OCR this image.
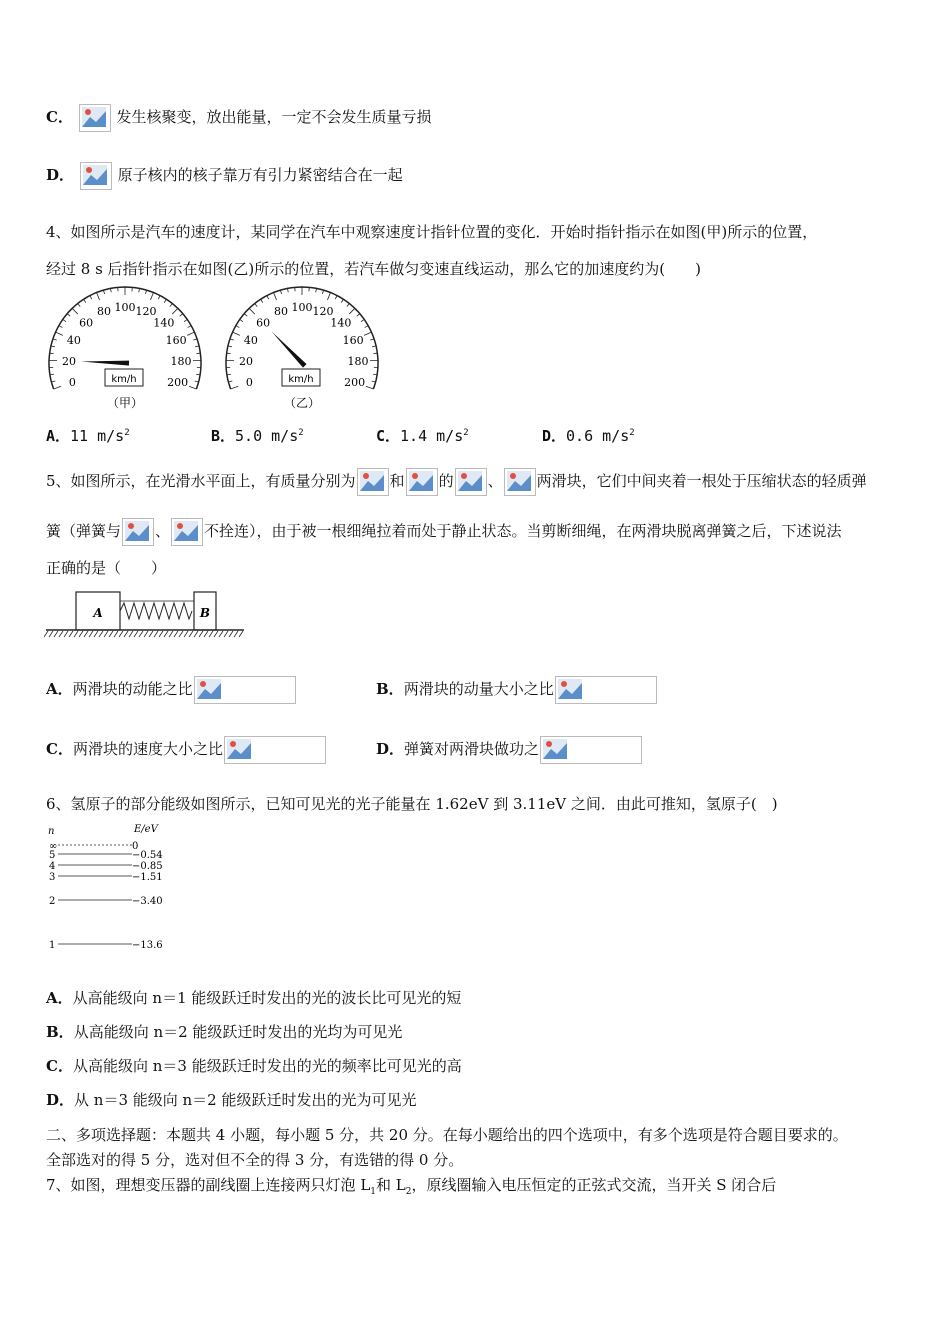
C．	发生核聚变，放出能量，一定不会发生质量亏损
D．	原子核内的核子靠万有引力紧密结合在一起
4、如图所示是汽车的速度计，某同学在汽车中观察速度计指针位置的变化．开始时指针指示在如图(甲)所示的位置，
经过 8 s 后指针指示在如图(乙)所示的位置，若汽车做匀变速直线运动，那么它的加速度约为(　　)
0
20
40
60
80 100 120
140
160
180
200
km/h
（甲）
0
20
40
60
80 100 120
140
160
180
200
km/h
（乙）
A．11 $m/s^2$	B．5.0 $m/s^2$	C．1.4 $m/s^2$	D．0.6 $m/s^2$
5、如图所示，在光滑水平面上，有质量分别为 和 的 、 两滑块，它们中间夹着一根处于压缩状态的轻质弹
簧（弹簧与 、 不拴连），由于被一根细绳拉着而处于静止状态。当剪断细绳，在两滑块脱离弹簧之后，下述说法
正确的是（　　）
A	B
A．两滑块的动能之比	B．两滑块的动量大小之比
C．两滑块的速度大小之比	D．弹簧对两滑块做功之
6、氢原子的部分能级如图所示，已知可见光的光子能量在 1.62eV 到 3.11eV 之间．由此可推知，氢原子(　)
n	E/eV
∞	0
5	−0.54
4	−0.85
3	−1.51
2	−3.40
1	−13.6
A．从高能级向 n＝1 能级跃迁时发出的光的波长比可见光的短
B．从高能级向 n＝2 能级跃迁时发出的光均为可见光
C．从高能级向 n＝3 能级跃迁时发出的光的频率比可见光的高
D．从 n＝3 能级向 n＝2 能级跃迁时发出的光为可见光
二、多项选择题：本题共 4 小题，每小题 5 分，共 20 分。在每小题给出的四个选项中，有多个选项是符合题目要求的。
全部选对的得 5 分，选对但不全的得 3 分，有选错的得 0 分。
7、如图，理想变压器的副线圈上连接两只灯泡 $L_1$和 $L_2$，原线圈输入电压恒定的正弦式交流，当开关 S 闭合后
